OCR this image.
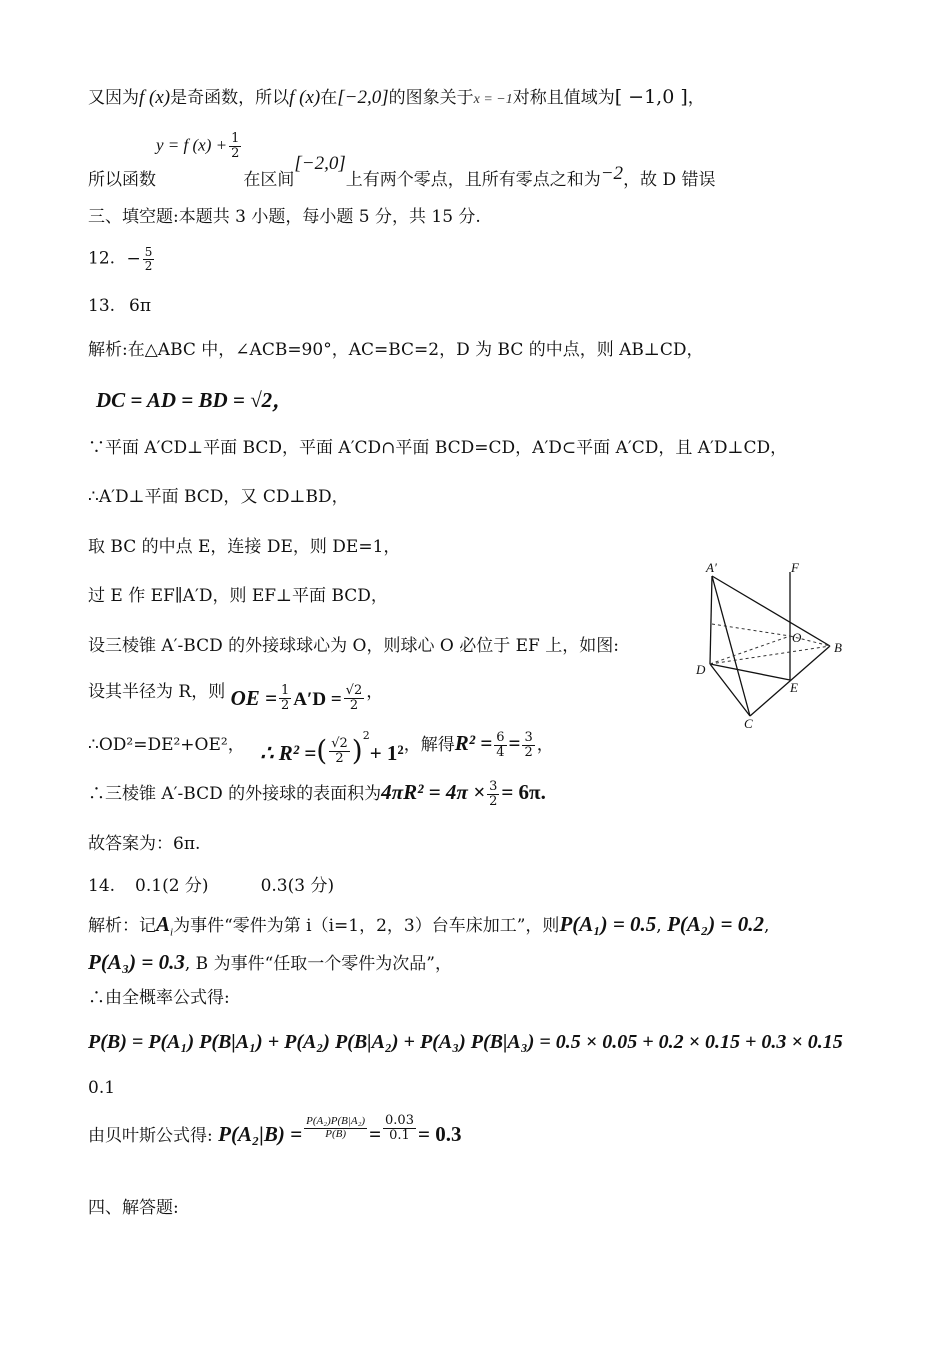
又因为f (x)是奇函数，所以f (x)在[−2,0]的图象关于x = −1对称且值域为[ −1,0 ]，
所以函数y = f $(x) + \frac{1}{2}$
在区间[−2,0]上有两个零点，且所有零点之和为−2，故 D 错误
三、填空题:本题共 3 小题，每小题 5 分，共 15 分.
12. − $\frac{5}{2}$
13. 6π
解析:在△ABC 中，∠ACB=90°，AC=BC=2，D 为 BC 的中点，则 AB⊥CD，
DC = AD = BD = √2，
∵平面 A′CD⊥平面 BCD，平面 A′CD∩平面 BCD=CD，A′D⊂平面 A′CD，且 A′D⊥CD，
∴A′D⊥平面 BCD，又 CD⊥BD，
取 BC 的中点 E，连接 DE，则 DE=1，
过 E 作 EF∥A′D，则 EF⊥平面 BCD，
设三棱锥 A′-BCD 的外接球球心为 O，则球心 O 必位于 EF 上，如图:
设其半径为 R，则 OE = $\frac{1}{2} A'D = \frac{√2}{2}$ ，
∴OD²=DE²+OE²， ∴ R² =( $\frac{√2}{2} )^2+ 1^2$，解得$R^2 = \frac{6}{4} = \frac{3}{2}$ ，
∴三棱锥 A′-BCD 的外接球的表面积为$4\pi R^2 = 4\pi \times \frac{3}{2} = 6\pi$.
故答案为：6π.
A′	F
O
B
D
E
C
14. 0.1(2 分)	0.3(3 分)
解析：记$A_i$为事件“零件为第 i（i=1，2，3）台车床加工”，则P(A₁) = 0.5, P(A₂) = 0.2,
P(A₃) = 0.3, B 为事件“任取一个零件为次品”，
∴由全概率公式得:
P(B) = P(A₁) P(B|A₁) + P(A₂) P(B|A₂) + P(A₃) P(B|A₃) = 0.5 × 0.05 + 0.2 × 0.15 + 0.3 × 0.15
0.1
由贝叶斯公式得: $P(A_2|B) = \frac{\text{P(A₂)P(B|A₂)}}{P(B)} = \frac{0.03}{0.1} = 0.3$
四、解答题:
